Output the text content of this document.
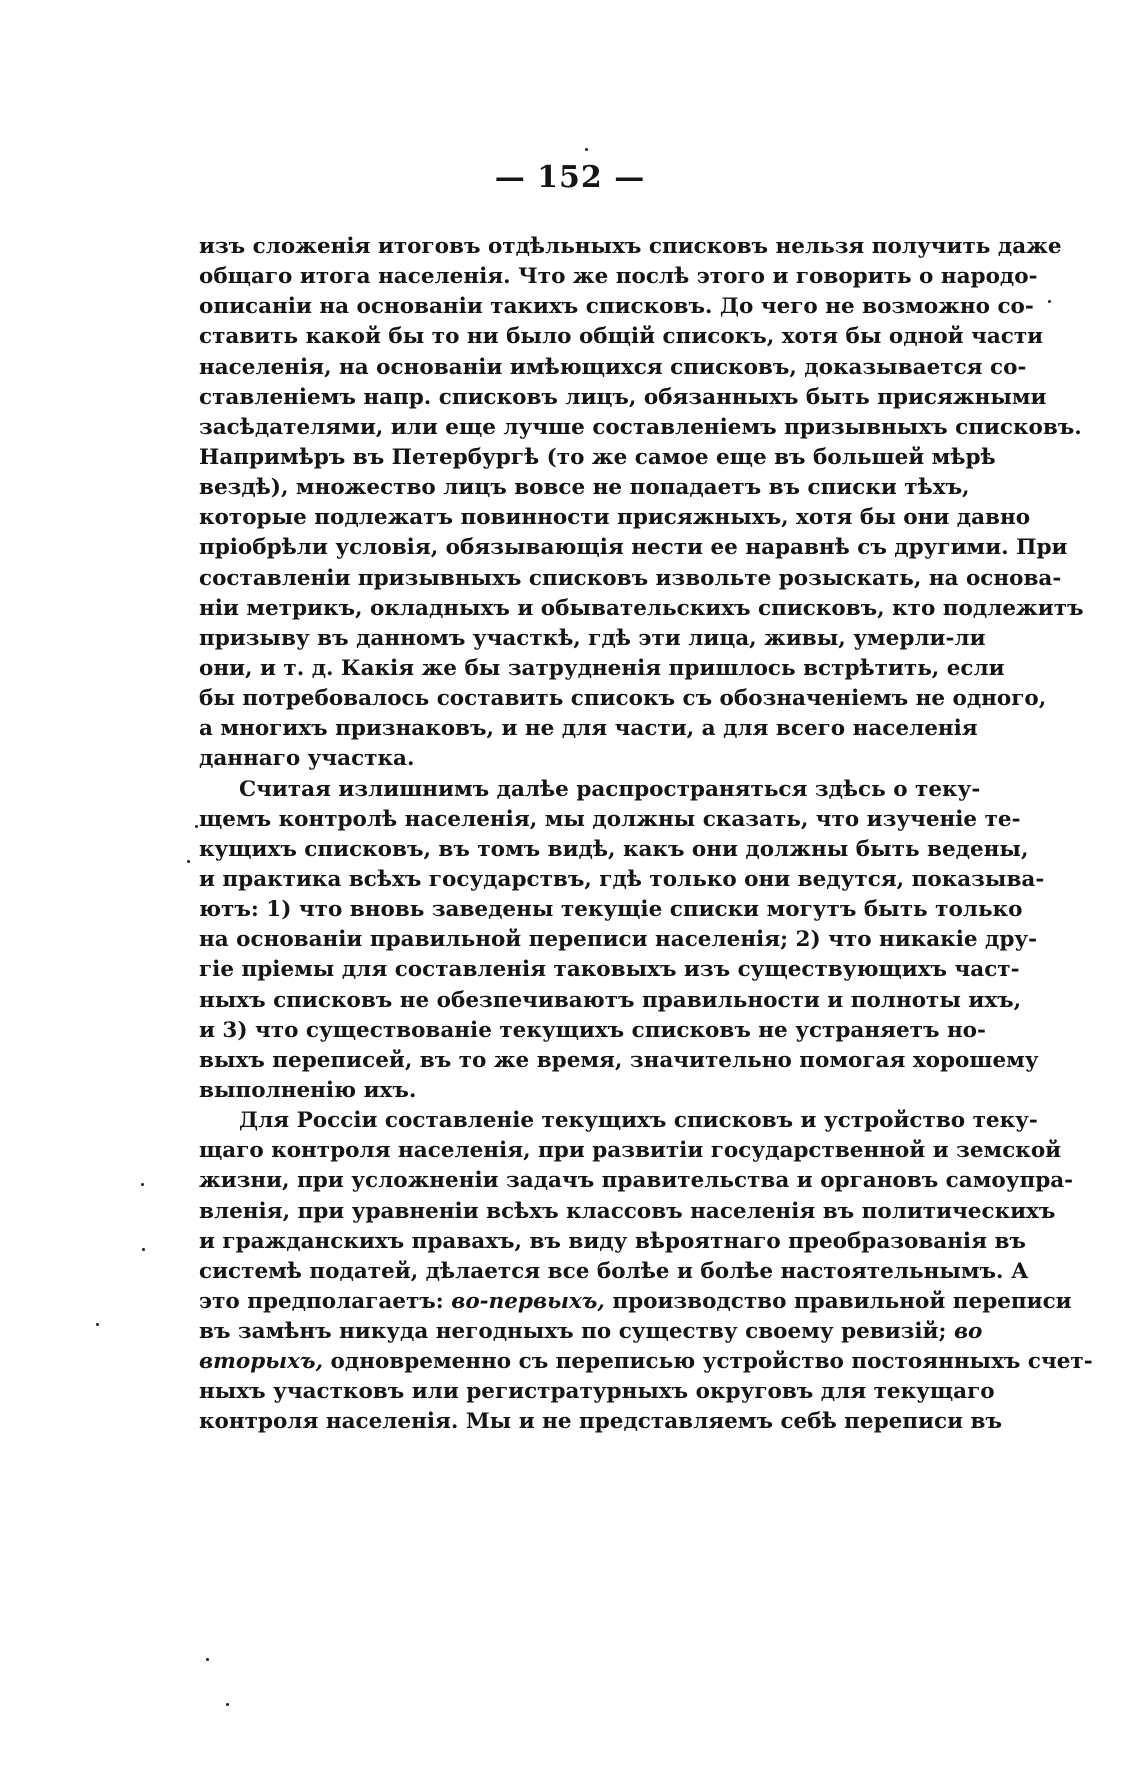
— 152 —
изъ сложенія итоговъ отдѣльныхъ списковъ нельзя получить даже
общаго итога населенія. Что же послѣ этого и говорить о народо-
описаніи на основаніи такихъ списковъ. До чего не возможно со-
ставить какой бы то ни было общій списокъ, хотя бы одной части
населенія, на основаніи имѣющихся списковъ, доказывается со-
ставленіемъ напр. списковъ лицъ, обязанныхъ быть присяжными
засѣдателями, или еще лучше составленіемъ призывныхъ списковъ.
Напримѣръ въ Петербургѣ (то же самое еще въ большей мѣрѣ
вездѣ), множество лицъ вовсе не попадаетъ въ списки тѣхъ,
которые подлежатъ повинности присяжныхъ, хотя бы они давно
пріобрѣли условія, обязывающія нести ее наравнѣ съ другими. При
составленіи призывныхъ списковъ извольте розыскать, на основа-
ніи метрикъ, окладныхъ и обывательскихъ списковъ, кто подлежитъ
призыву въ данномъ участкѣ, гдѣ эти лица, живы, умерли-ли
они, и т. д. Какія же бы затрудненія пришлось встрѣтить, если
бы потребовалось составить списокъ съ обозначеніемъ не одного,
а многихъ признаковъ, и не для части, а для всего населенія
даннаго участка.
Считая излишнимъ далѣе распространяться здѣсь о теку-
щемъ контролѣ населенія, мы должны сказать, что изученіе те-
кущихъ списковъ, въ томъ видѣ, какъ они должны быть ведены,
и практика всѣхъ государствъ, гдѣ только они ведутся, показыва-
ютъ: 1) что вновь заведены текущіе списки могутъ быть только
на основаніи правильной переписи населенія; 2) что никакіе дру-
гіе пріемы для составленія таковыхъ изъ существующихъ част-
ныхъ списковъ не обезпечиваютъ правильности и полноты ихъ,
и 3) что существованіе текущихъ списковъ не устраняетъ но-
выхъ переписей, въ то же время, значительно помогая хорошему
выполненію ихъ.
Для Россіи составленіе текущихъ списковъ и устройство теку-
щаго контроля населенія, при развитіи государственной и земской
жизни, при усложненіи задачъ правительства и органовъ самоупра-
вленія, при уравненіи всѣхъ классовъ населенія въ политическихъ
и гражданскихъ правахъ, въ виду вѣроятнаго преобразованія въ
системѣ податей, дѣлается все болѣе и болѣе настоятельнымъ. А
это предполагаетъ: во-первыхъ, производство правильной переписи
въ замѣнъ никуда негодныхъ по существу своему ревизій; во
вторыхъ, одновременно съ переписью устройство постоянныхъ счет-
ныхъ участковъ или регистратурныхъ округовъ для текущаго
контроля населенія. Мы и не представляемъ себѣ переписи въ
